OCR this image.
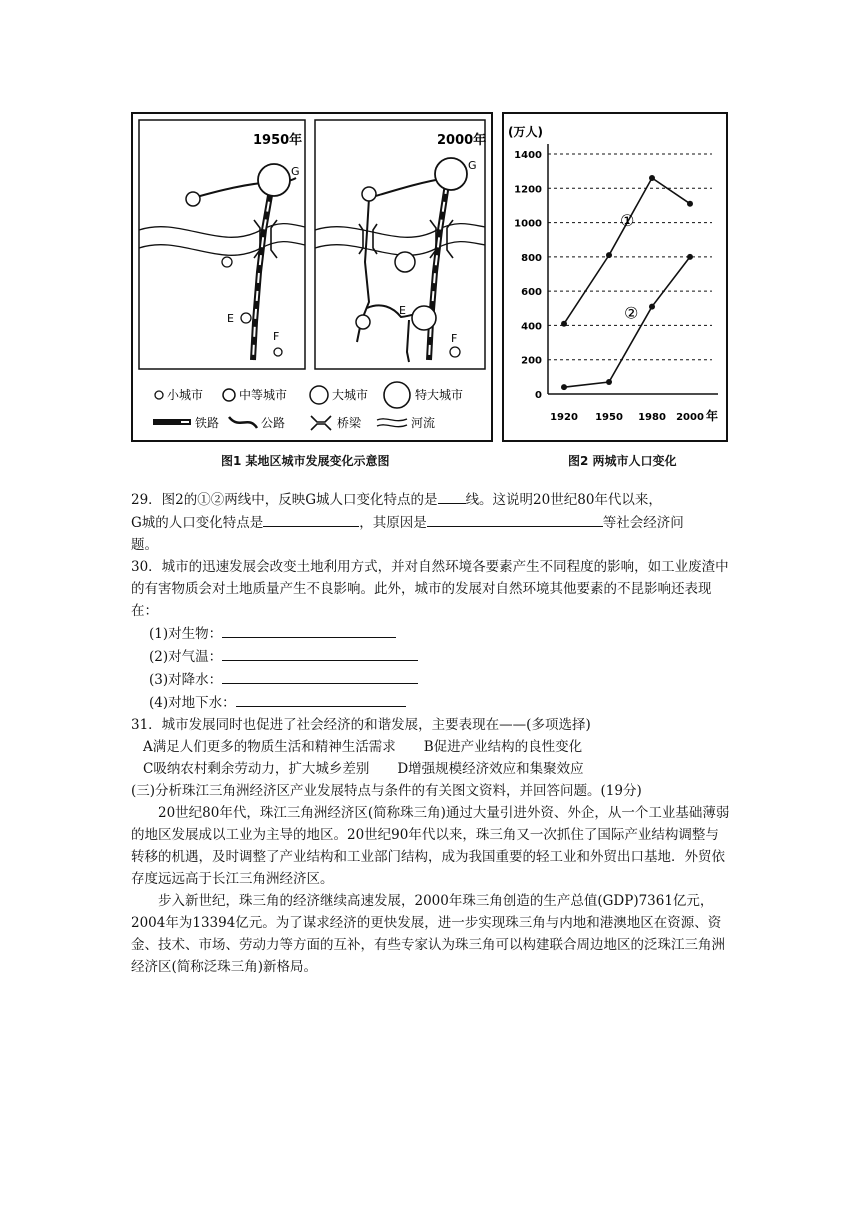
1950年
G
E
F
2000年
G
E
F
小城市	中等城市	大城市	特大城市
铁路	公路	桥梁	河流
图1 某地区城市发展变化示意图
(万人)
0
200
400
600
800
1000
1200
1400
1920 1950 1980 2000 年
①
②
图2 两城市人口变化

29．图2的①②两线中，反映G城人口变化特点的是 线。这说明20世纪80年代以来，
G城的人口变化特点是	，其原因是	等社会经济问
题。

30．城市的迅速发展会改变土地利用方式，并对自然环境各要素产生不同程度的影响，如工业废渣中的有害物质会对土地质量产生不良影响。此外，城市的发展对自然环境其他要素的不昆影响还表现在：

(1)对生物：

(2)对气温：

(3)对降水：

(4)对地下水：

31．城市发展同时也促进了社会经济的和谐发展，主要表现在——(多项选择)

A满足人们更多的物质生活和精神生活需求 B促进产业结构的良性变化

C吸纳农村剩余劳动力，扩大城乡差别 D增强规模经济效应和集聚效应

(三)分析珠江三角洲经济区产业发展特点与条件的有关图文资料，并回答问题。(19分)

20世纪80年代，珠江三角洲经济区(简称珠三角)通过大量引进外资、外企，从一个工业基础薄弱的地区发展成以工业为主导的地区。20世纪90年代以来，珠三角又一次抓住了国际产业结构调整与转移的机遇，及时调整了产业结构和工业部门结构，成为我国重要的轻工业和外贸出口基地．外贸依存度远远高于长江三角洲经济区。

步入新世纪，珠三角的经济继续高速发展，2000年珠三角创造的生产总值(GDP)7361亿元，2004年为13394亿元。为了谋求经济的更快发展，进一步实现珠三角与内地和港澳地区在资源、资金、技术、市场、劳动力等方面的互补，有些专家认为珠三角可以构建联合周边地区的泛珠江三角洲经济区(简称泛珠三角)新格局。
